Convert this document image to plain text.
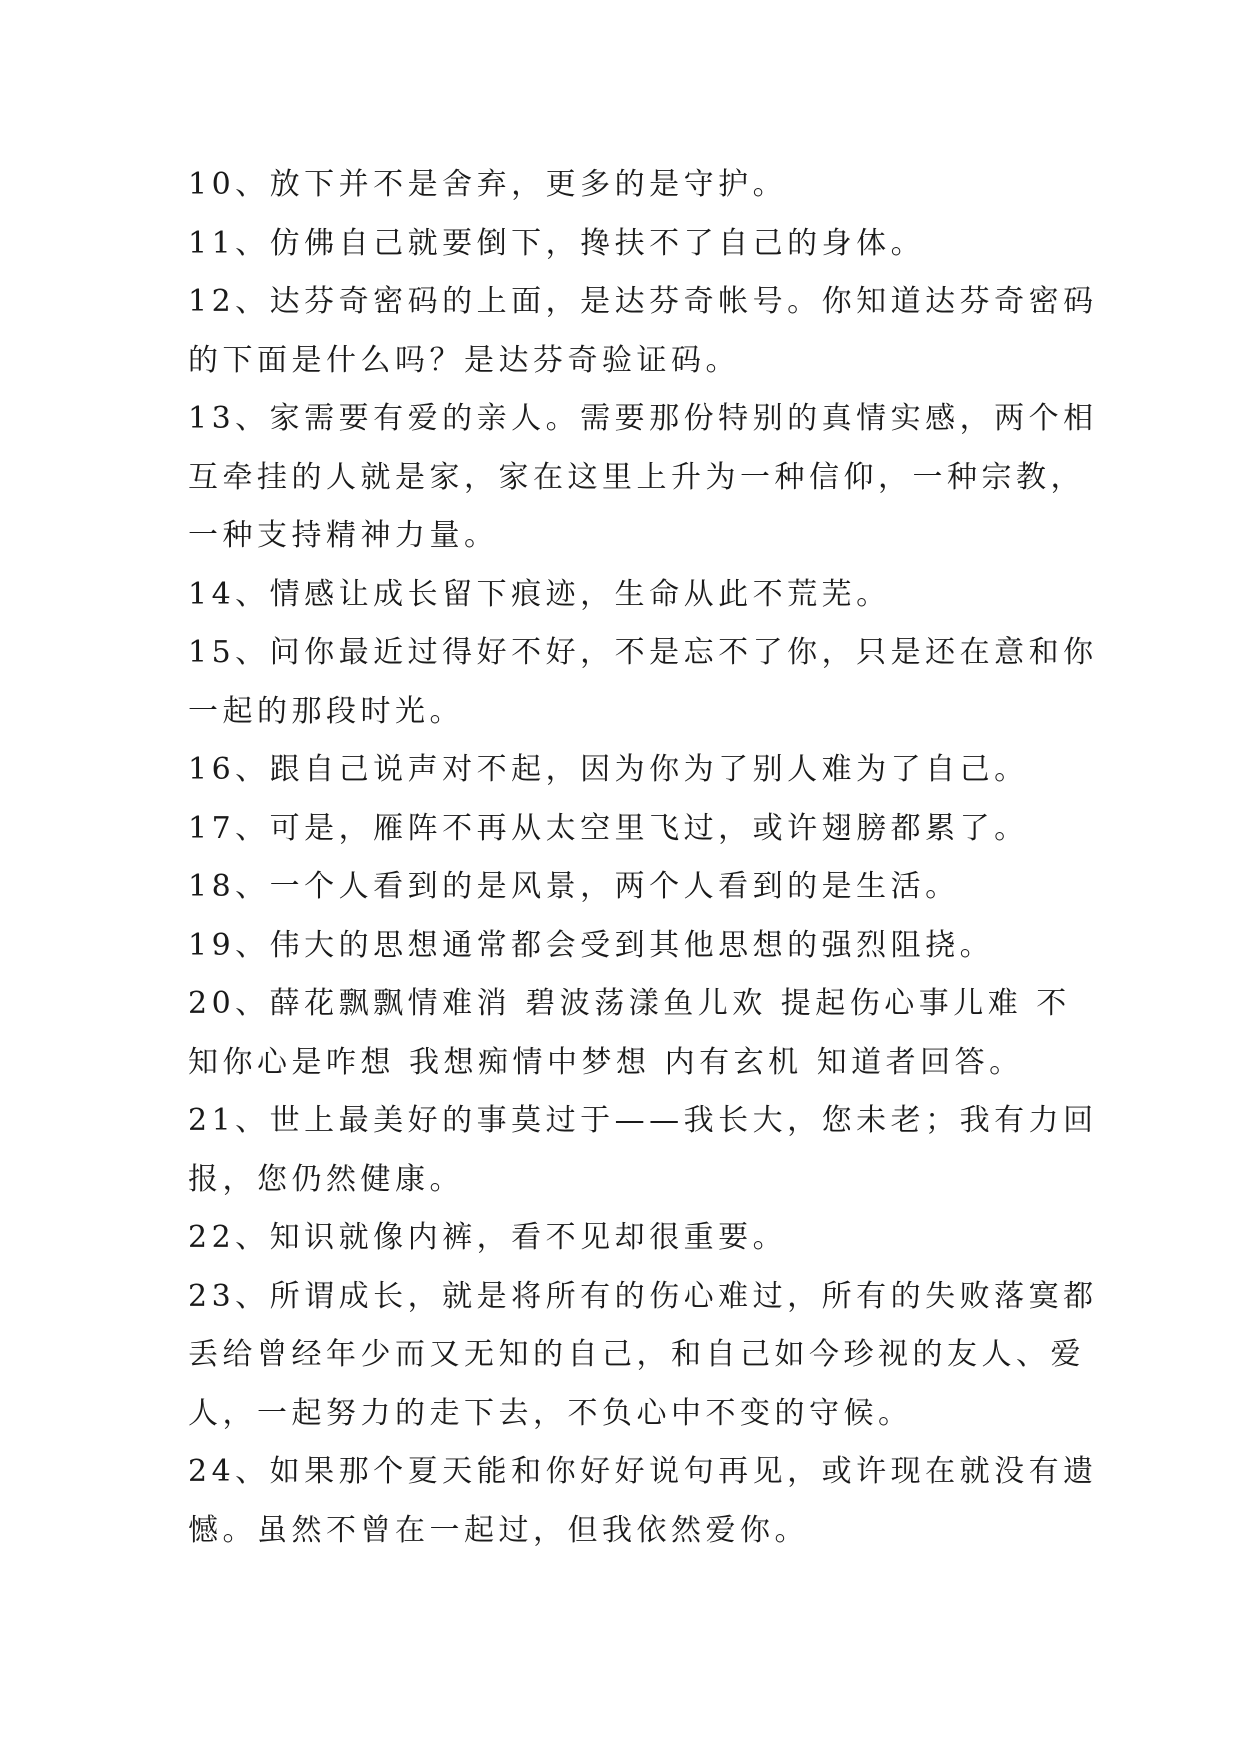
10、放下并不是舍弃，更多的是守护。
11、仿佛自己就要倒下，搀扶不了自己的身体。
12、达芬奇密码的上面，是达芬奇帐号。你知道达芬奇密码
的下面是什么吗？是达芬奇验证码。
13、家需要有爱的亲人。需要那份特别的真情实感，两个相
互牵挂的人就是家，家在这里上升为一种信仰，一种宗教，
一种支持精神力量。
14、情感让成长留下痕迹，生命从此不荒芜。
15、问你最近过得好不好，不是忘不了你，只是还在意和你
一起的那段时光。
16、跟自己说声对不起，因为你为了别人难为了自己。
17、可是，雁阵不再从太空里飞过，或许翅膀都累了。
18、一个人看到的是风景，两个人看到的是生活。
19、伟大的思想通常都会受到其他思想的强烈阻挠。
20、薛花飘飘情难消 碧波荡漾鱼儿欢 提起伤心事儿难 不
知你心是咋想 我想痴情中梦想 内有玄机 知道者回答。
21、世上最美好的事莫过于——我长大，您未老；我有力回
报，您仍然健康。
22、知识就像内裤，看不见却很重要。
23、所谓成长，就是将所有的伤心难过，所有的失败落寞都
丢给曾经年少而又无知的自己，和自己如今珍视的友人、爱
人，一起努力的走下去，不负心中不变的守候。
24、如果那个夏天能和你好好说句再见，或许现在就没有遗
憾。虽然不曾在一起过，但我依然爱你。
